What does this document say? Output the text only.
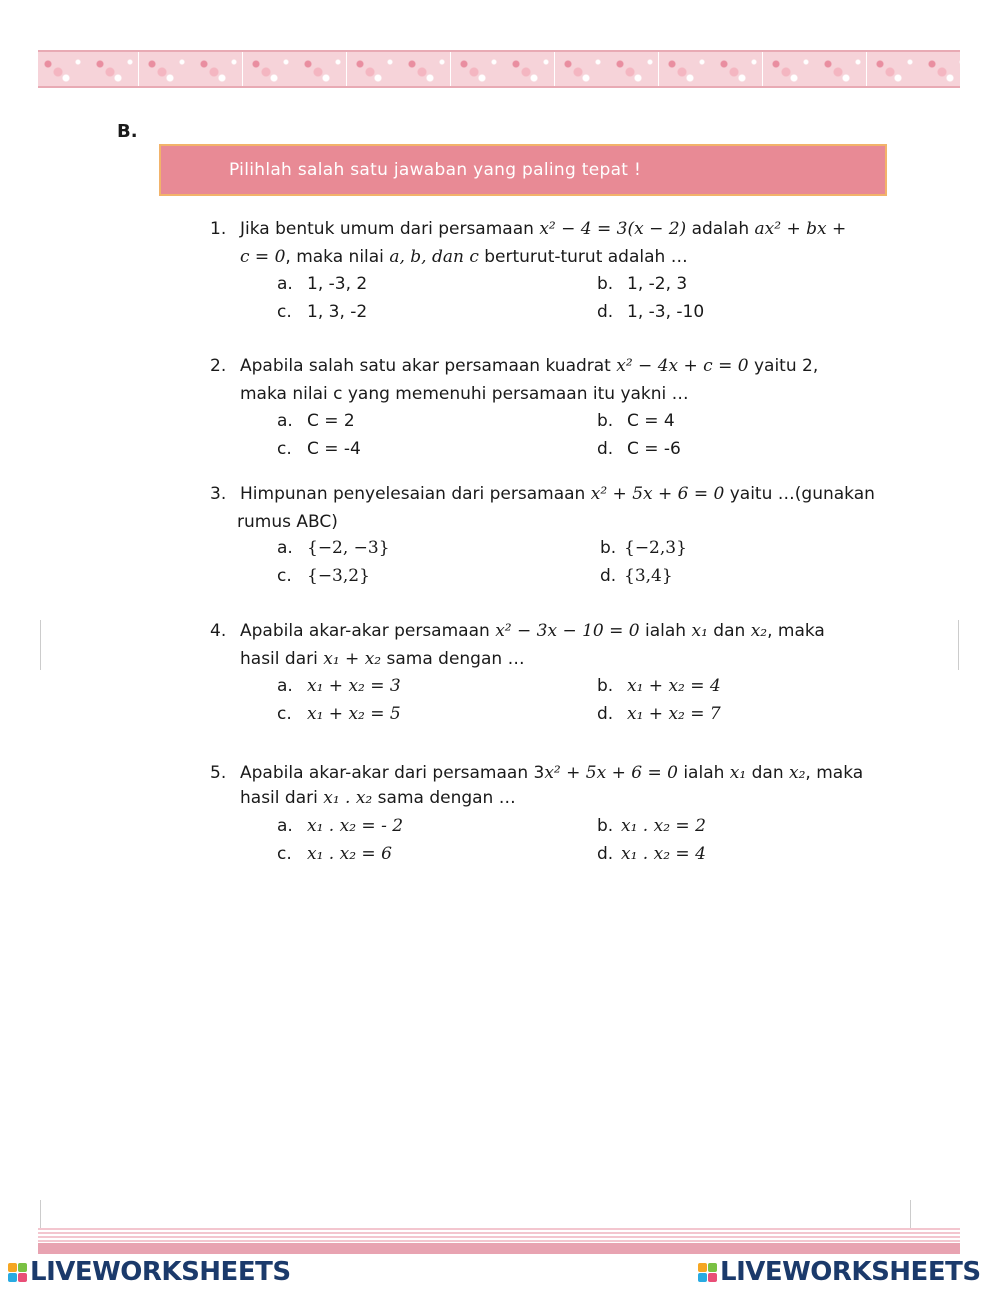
B.
Pilihlah salah satu jawaban yang paling tepat !
1. Jika bentuk umum dari persamaan x² − 4 = 3(x − 2) adalah ax² + bx +
c = 0, maka nilai a, b, dan c berturut-turut adalah …
a. 1, -3, 2	b. 1, -2, 3
c. 1, 3, -2	d. 1, -3, -10
2. Apabila salah satu akar persamaan kuadrat x² − 4x + c = 0 yaitu 2,
maka nilai c yang memenuhi persamaan itu yakni …
a. C = 2	b. C = 4
c. C = -4	d. C = -6
3. Himpunan penyelesaian dari persamaan x² + 5x + 6 = 0 yaitu …(gunakan
rumus ABC)
a. {−2, −3}	b. {−2,3}
c. {−3,2}	d. {3,4}
4. Apabila akar-akar persamaan x² − 3x − 10 = 0 ialah x₁ dan x₂, maka
hasil dari x₁ + x₂ sama dengan …
a. x₁ + x₂ = 3	b. x₁ + x₂ = 4
c. x₁ + x₂ = 5	d. x₁ + x₂ = 7
5. Apabila akar-akar dari persamaan 3x² + 5x + 6 = 0 ialah x₁ dan x₂, maka
hasil dari x₁ . x₂ sama dengan …
a. x₁ . x₂ = - 2	b. x₁ . x₂ = 2
c. x₁ . x₂ = 6	d. x₁ . x₂ = 4
LIVEWORKSHEETS	LIVEWORKSHEETS
